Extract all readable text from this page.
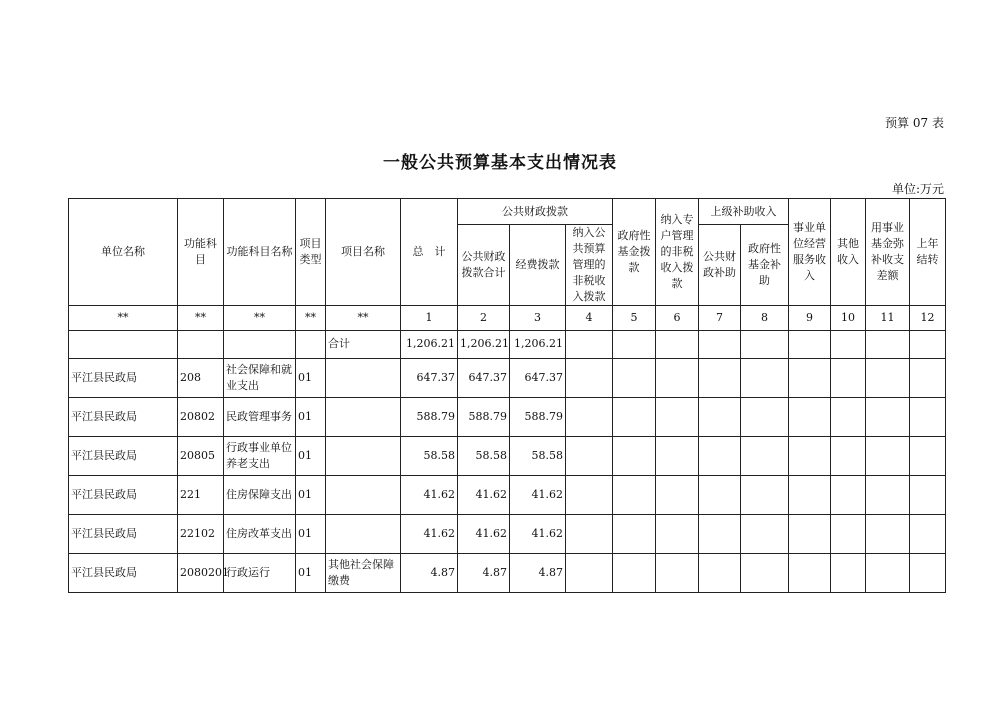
预算 07 表
一般公共预算基本支出情况表
单位:万元
单位名称	功能科目	功能科目名称	项目类型	项目名称	总　计	公共财政拨款			政府性基金拨款	纳入专户管理的非税收入拨款	上级补助收入		事业单位经营服务收入	其他收入	用事业基金弥补收支差额	上年结转
						公共财政拨款合计	经费拨款	纳入公共预算管理的非税收入拨款			公共财政补助	政府性基金补助				
**	**	**	**	**	1	2	3	4	5	6	7	8	9	10	11	12
				合计	1,206.21	1,206.21	1,206.21									
平江县民政局	208	社会保障和就业支出	01		647.37	647.37	647.37									
平江县民政局	20802	民政管理事务	01		588.79	588.79	588.79									
平江县民政局	20805	行政事业单位养老支出	01		58.58	58.58	58.58									
平江县民政局	221	住房保障支出	01		41.62	41.62	41.62									
平江县民政局	22102	住房改革支出	01		41.62	41.62	41.62									
平江县民政局	2080201	行政运行	01	其他社会保障缴费	4.87	4.87	4.87									
